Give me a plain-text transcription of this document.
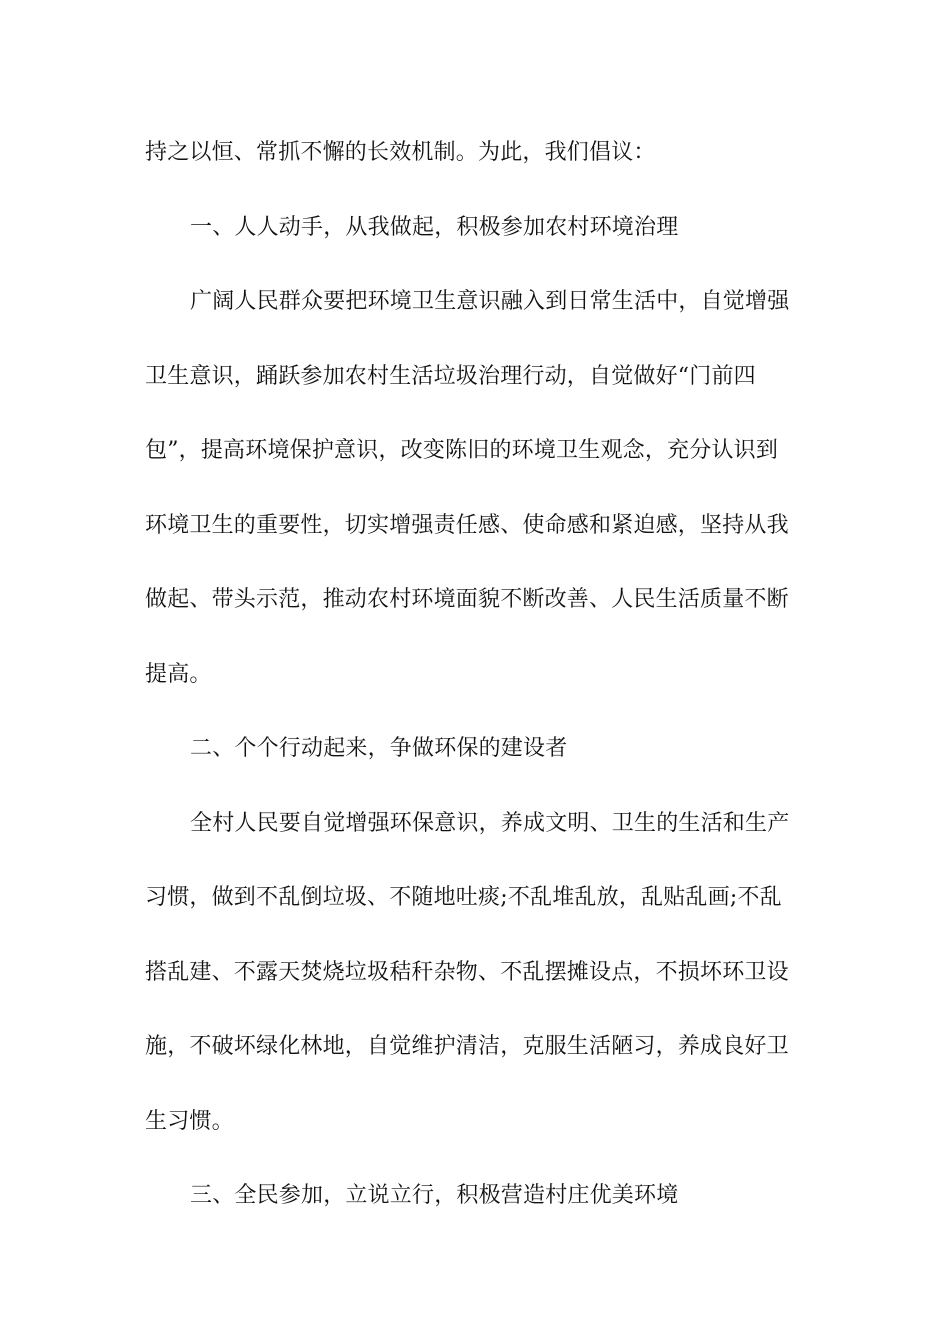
持之以恒、常抓不懈的长效机制。为此，我们倡议：
一、人人动手，从我做起，积极参加农村环境治理
广阔人民群众要把环境卫生意识融入到日常生活中，自觉增强
卫生意识，踊跃参加农村生活垃圾治理行动，自觉做好“门前四
包”，提高环境保护意识，改变陈旧的环境卫生观念，充分认识到
环境卫生的重要性，切实增强责任感、使命感和紧迫感，坚持从我
做起、带头示范，推动农村环境面貌不断改善、人民生活质量不断
提高。
二、个个行动起来，争做环保的建设者
全村人民要自觉增强环保意识，养成文明、卫生的生活和生产
习惯，做到不乱倒垃圾、不随地吐痰;不乱堆乱放，乱贴乱画;不乱
搭乱建、不露天焚烧垃圾秸秆杂物、不乱摆摊设点，不损坏环卫设
施，不破坏绿化林地，自觉维护清洁，克服生活陋习，养成良好卫
生习惯。
三、全民参加，立说立行，积极营造村庄优美环境
